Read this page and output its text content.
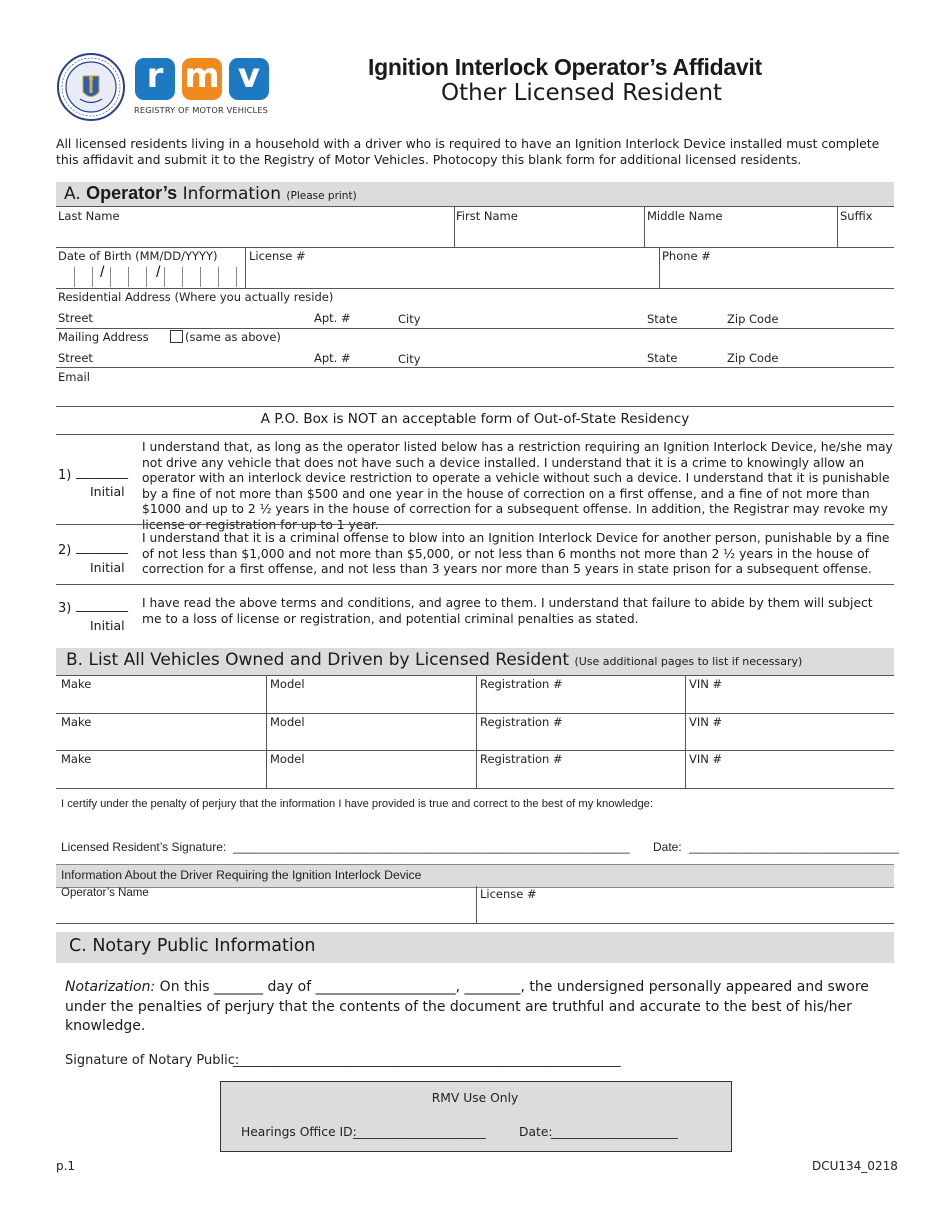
r m v
REGISTRY OF MOTOR VEHICLES
Ignition Interlock Operator’s Affidavit
Other Licensed Resident
All licensed residents living in a household with a driver who is required to have an Ignition Interlock Device installed must complete this affidavit and submit it to the Registry of Motor Vehicles. Photocopy this blank form for additional licensed residents.
A. Operator’s Information (Please print)
Last Name	First Name	Middle Name	Suffix
Date of Birth (MM/DD/YYYY)
/	/
License #	Phone #
Residential Address (Where you actually reside)
Street	Apt. #	City	State	Zip Code
Mailing Address	(same as above)
Street	Apt. #	City	State	Zip Code
Email
A P.O. Box is NOT an acceptable form of Out-of-State Residency
1) ________
Initial
I understand that, as long as the operator listed below has a restriction requiring an Ignition Interlock Device, he/she may not drive any vehicle that does not have such a device installed. I understand that it is a crime to knowingly allow an operator with an interlock device restriction to operate a vehicle without such a device. I understand that it is punishable by a fine of not more than $500 and one year in the house of correction on a first offense, and a fine of not more than $1000 and up to 2 ½ years in the house of correction for a subsequent offense. In addition, the Registrar may revoke my license or registration for up to 1 year.
2) ________
Initial
I understand that it is a criminal offense to blow into an Ignition Interlock Device for another person, punishable by a fine of not less than $1,000 and not more than $5,000, or not less than 6 months not more than 2 ½ years in the house of correction for a first offense, and not less than 3 years nor more than 5 years in state prison for a subsequent offense.
3) ________
Initial
I have read the above terms and conditions, and agree to them. I understand that failure to abide by them will subject me to a loss of license or registration, and potential criminal penalties as stated.
B. List All Vehicles Owned and Driven by Licensed Resident (Use additional pages to list if necessary)
Make	Model	Registration #	VIN #
Make	Model	Registration #	VIN #
Make	Model	Registration #	VIN #
I certify under the penalty of perjury that the information I have provided is true and correct to the best of my knowledge:
Licensed Resident’s Signature: ___________________________________________________________ Date: _______________________________
Information About the Driver Requiring the Ignition Interlock Device
Operator’s Name	License #
C. Notary Public Information
Notarization: On this _______ day of ____________________, ________, the undersigned personally appeared and swore under the penalties of perjury that the contents of the document are truthful and accurate to the best of his/her knowledge.
Signature of Notary Public:
________________________________________________________________
RMV Use Only
Hearings Office ID:
_______________________	Date:
______________________
p.1	DCU134_0218
